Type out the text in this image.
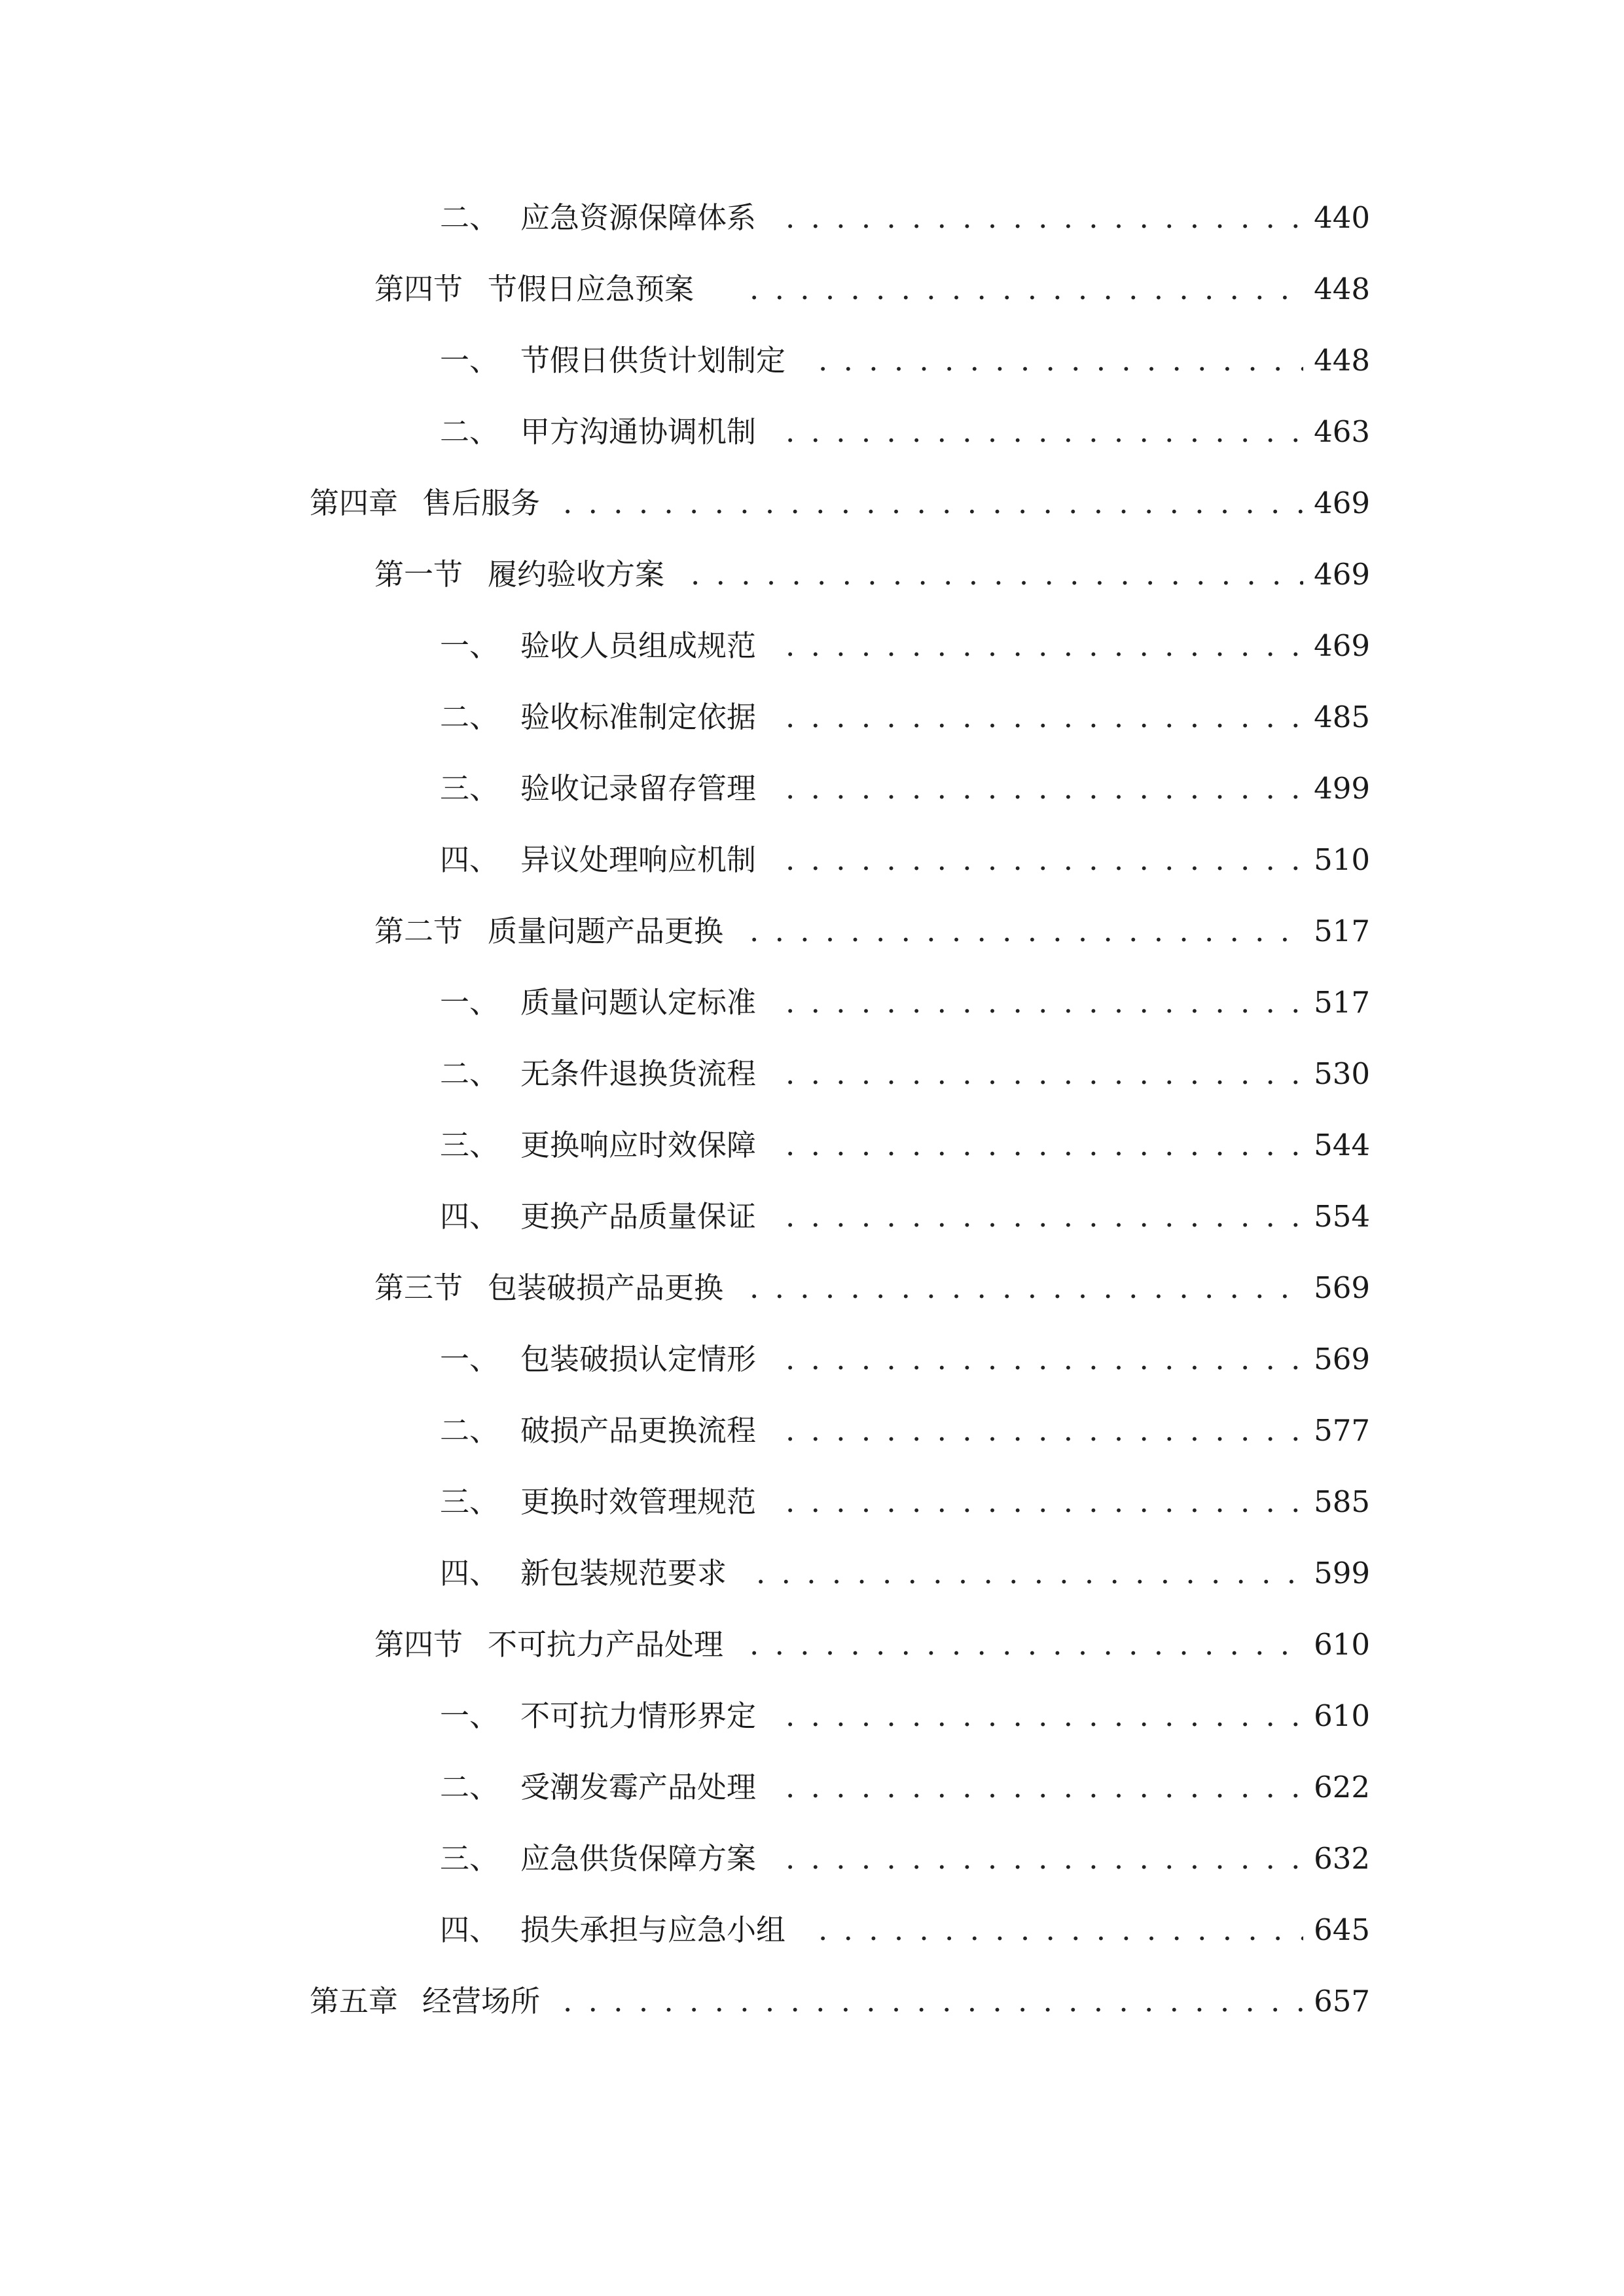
二、 应急资源保障体系 . . .	440
第四节 节假日应急预案 . . .	448
一、 节假日供货计划制定 . . .	448
二、 甲方沟通协调机制 . . .	463
第四章 售后服务 . . .	469
第一节 履约验收方案 . . .	469
一、 验收人员组成规范 . . .	469
二、 验收标准制定依据 . . .	485
三、 验收记录留存管理 . . .	499
四、 异议处理响应机制 . . .	510
第二节 质量问题产品更换 . . .	517
一、 质量问题认定标准 . . .	517
二、 无条件退换货流程 . . .	530
三、 更换响应时效保障 . . .	544
四、 更换产品质量保证 . . .	554
第三节 包装破损产品更换 . . .	569
一、 包装破损认定情形 . . .	569
二、 破损产品更换流程 . . .	577
三、 更换时效管理规范 . . .	585
四、 新包装规范要求 . . .	599
第四节 不可抗力产品处理 . . .	610
一、 不可抗力情形界定 . . .	610
二、 受潮发霉产品处理 . . .	622
三、 应急供货保障方案 . . .	632
四、 损失承担与应急小组 . . .	645
第五章 经营场所 . . .	657
